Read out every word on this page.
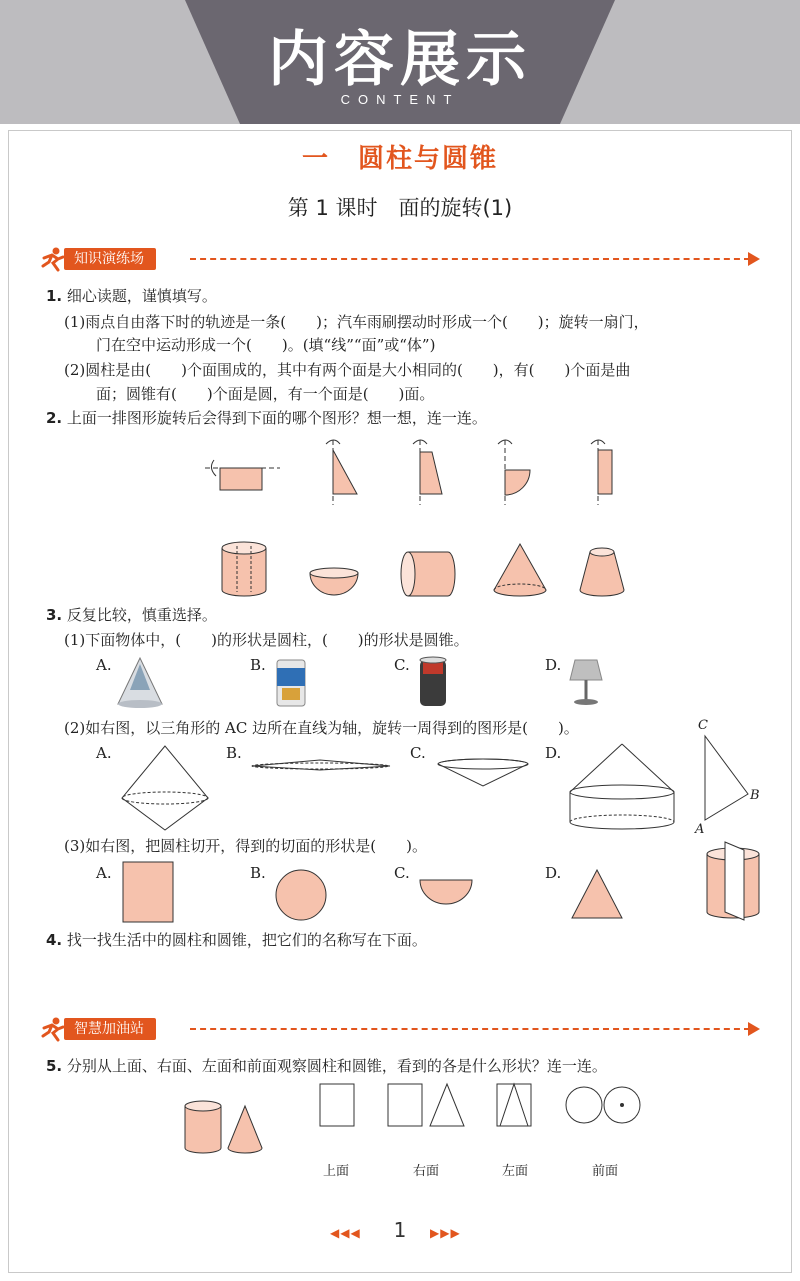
内容展示
CONTENT
一　圆柱与圆锥
第 1 课时　面的旋转(1)
知识演练场
1. 细心读题，谨慎填写。
(1)雨点自由落下时的轨迹是一条(　　)；汽车雨刷摆动时形成一个(　　)；旋转一扇门，
门在空中运动形成一个(　　)。(填“线”“面”或“体”)
(2)圆柱是由(　　)个面围成的，其中有两个面是大小相同的(　　)，有(　　)个面是曲
面；圆锥有(　　)个面是圆，有一个面是(　　)面。
2. 上面一排图形旋转后会得到下面的哪个图形？想一想，连一连。
3. 反复比较，慎重选择。
(1)下面物体中，(　　)的形状是圆柱，(　　)的形状是圆锥。
A.	B.	C.	D.
(2)如右图，以三角形的 AC 边所在直线为轴，旋转一周得到的图形是(　　)。
A.	B.	C.	D.
C
B
A
(3)如右图，把圆柱切开，得到的切面的形状是(　　)。
A.	B.	C.	D.
4. 找一找生活中的圆柱和圆锥，把它们的名称写在下面。
智慧加油站
5. 分别从上面、右面、左面和前面观察圆柱和圆锥，看到的各是什么形状？连一连。
上面	右面	左面	前面
◀◀◀	1	▶▶▶
